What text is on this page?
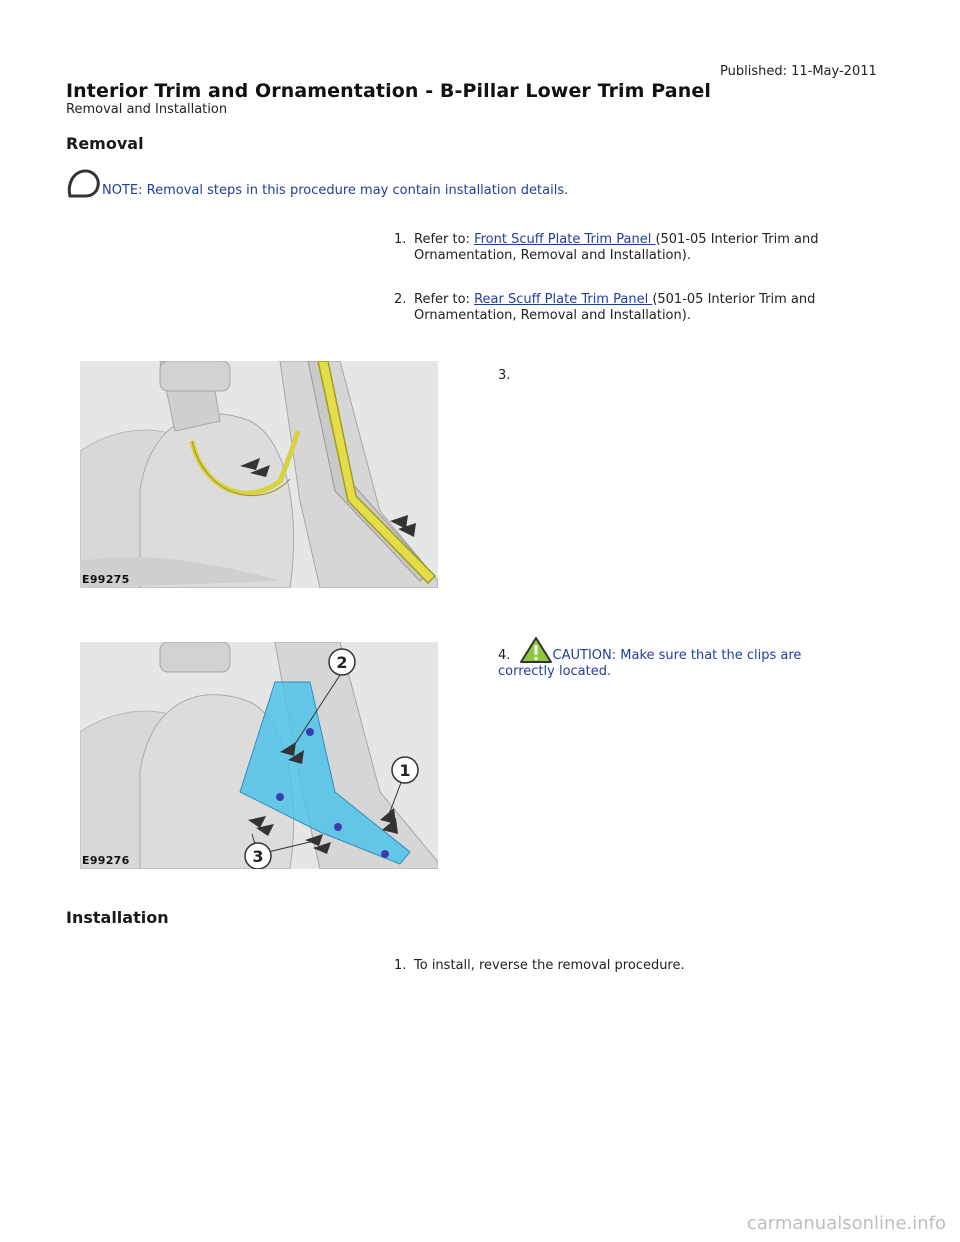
Published: 11-May-2011
Interior Trim and Ornamentation - B-Pillar Lower Trim Panel
Removal and Installation
Removal
NOTE: Removal steps in this procedure may contain installation details.
1. Refer to: Front Scuff Plate Trim Panel (501-05 Interior Trim and Ornamentation, Removal and Installation).
2. Refer to: Rear Scuff Plate Trim Panel (501-05 Interior Trim and Ornamentation, Removal and Installation).
3.
E99275
4.	CAUTION: Make sure that the clips are correctly located.
2
1
3
E99276
Installation
1. To install, reverse the removal procedure.
carmanualsonline.info
